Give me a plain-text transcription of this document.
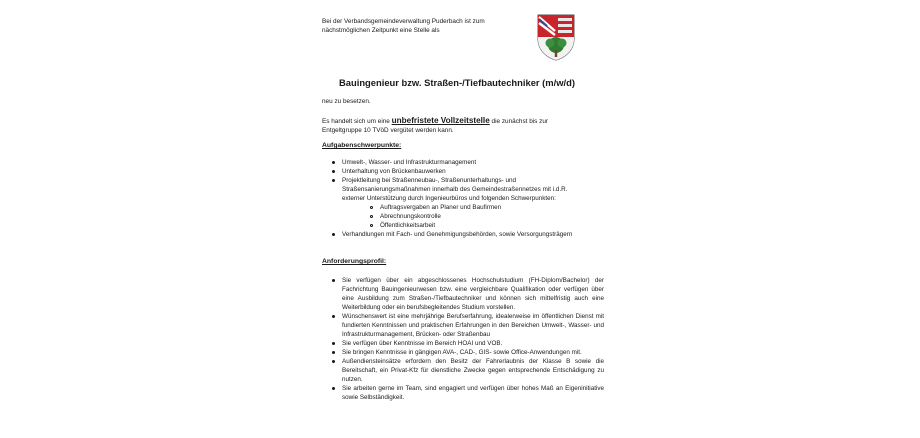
Bei der Verbandsgemeindeverwaltung Puderbach ist zum
nächstmöglichen Zeitpunkt eine Stelle als
Bauingenieur bzw. Straßen-/Tiefbautechniker (m/w/d)
neu zu besetzen.
Es handelt sich um eine unbefristete Vollzeitstelle die zunächst bis zur
Entgeltgruppe 10 TVöD vergütet werden kann.
Aufgabenschwerpunkte:
Umwelt-, Wasser- und Infrastrukturmanagement
Unterhaltung von Brückenbauwerken
Projektleitung bei Straßenneubau-, Straßenunterhaltungs- und Straßensanierungsmaßnahmen innerhalb des Gemeindestraßennetzes mit i.d.R. externer Unterstützung durch Ingenieurbüros und folgenden Schwerpunkten:
Auftragsvergaben an Planer und Baufirmen
Abrechnungskontrolle
Öffentlichkeitsarbeit
Verhandlungen mit Fach- und Genehmigungsbehörden, sowie Versorgungsträgern
Anforderungsprofil:
Sie verfügen über ein abgeschlossenes Hochschulstudium (FH-Diplom/Bachelor) der Fachrichtung Bauingenieurwesen bzw. eine vergleichbare Qualifikation oder verfügen über eine Ausbildung zum Straßen-/Tiefbautechniker und können sich mittelfristig auch eine Weiterbildung oder ein berufsbegleitendes Studium vorstellen.
Wünschenswert ist eine mehrjährige Berufserfahrung, idealerweise im öffentlichen Dienst mit fundierten Kenntnissen und praktischen Erfahrungen in den Bereichen Umwelt-, Wasser- und Infrastrukturmanagement, Brücken- oder Straßenbau
Sie verfügen über Kenntnisse im Bereich HOAI und VOB.
Sie bringen Kenntnisse in gängigen AVA-, CAD-, GIS- sowie Office-Anwendungen mit.
Außendiensteinsätze erfordern den Besitz der Fahrerlaubnis der Klasse B sowie die Bereitschaft, ein Privat-Kfz für dienstliche Zwecke gegen entsprechende Entschädigung zu nutzen.
Sie arbeiten gerne im Team, sind engagiert und verfügen über hohes Maß an Eigeninitiative sowie Selbständigkeit.
